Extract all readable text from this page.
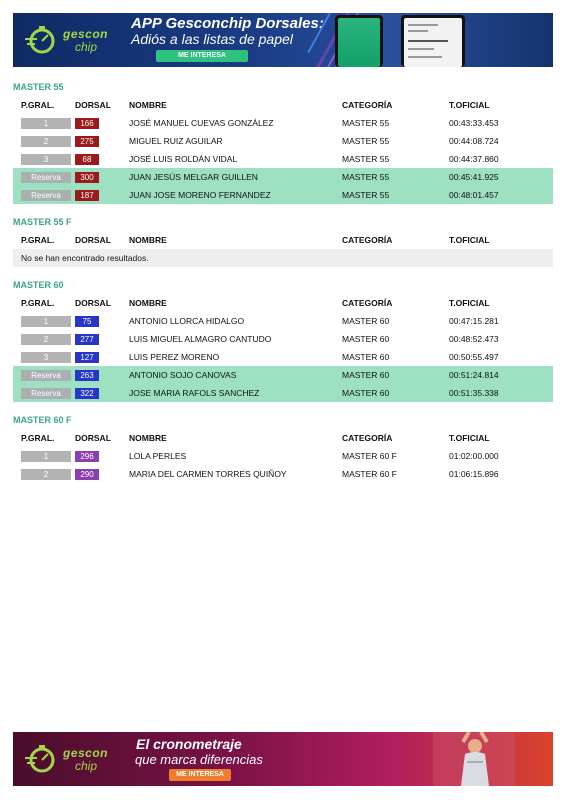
gescon
chip
APP Gesconchip Dorsales:
Adiós a las listas de papel
ME INTERESA
MASTER 55
P.GRAL. DORSAL NOMBRE	CATEGORÍA	T.OFICIAL
1	166	JOSÉ MANUEL CUEVAS GONZÁLEZ	MASTER 55	00:43:33.453
2	275	MIGUEL RUIZ AGUILAR	MASTER 55	00:44:08.724
3	68	JOSÉ LUIS ROLDÁN VIDAL	MASTER 55	00:44:37.860
Reserva	300	JUAN JESÚS MELGAR GUILLEN	MASTER 55	00:45:41.925
Reserva	187	JUAN JOSE MORENO FERNANDEZ	MASTER 55	00:48:01.457
MASTER 55 F
P.GRAL. DORSAL NOMBRE	CATEGORÍA	T.OFICIAL
No se han encontrado resultados.
MASTER 60
P.GRAL. DORSAL NOMBRE	CATEGORÍA	T.OFICIAL
1	75	ANTONIO LLORCA HIDALGO	MASTER 60	00:47:15.281
2	277	LUIS MIGUEL ALMAGRO CANTUDO	MASTER 60	00:48:52.473
3	127	LUIS PEREZ MORENO	MASTER 60	00:50:55.497
Reserva	263	ANTONIO SOJO CANOVAS	MASTER 60	00:51:24.814
Reserva	322	JOSE MARIA RAFOLS SANCHEZ	MASTER 60	00:51:35.338
MASTER 60 F
P.GRAL. DORSAL NOMBRE	CATEGORÍA	T.OFICIAL
1	296	LOLA PERLES	MASTER 60 F	01:02:00.000
2	290	MARIA DEL CARMEN TORRES QUIÑOY	MASTER 60 F	01:06:15.896
gescon
chip
El cronometraje
que marca diferencias
ME INTERESA
